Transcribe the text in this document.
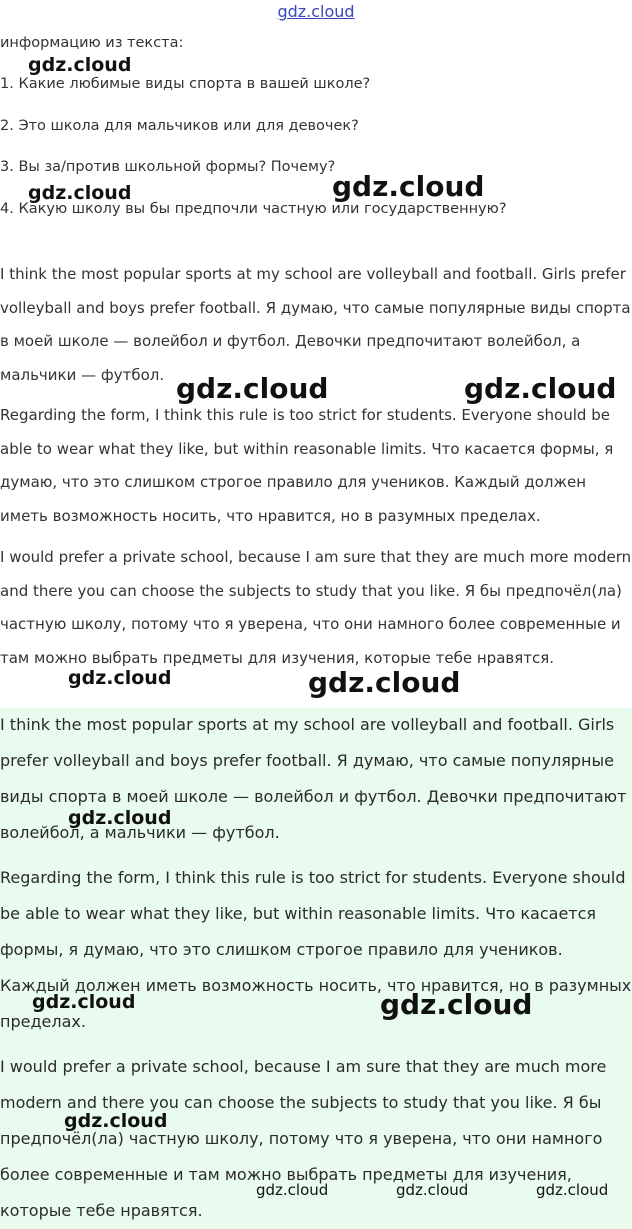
gdz.cloud
информацию из текста:
1. Какие любимые виды спорта в вашей школе?
2. Это школа для мальчиков или для девочек?
3. Вы за/против школьной формы? Почему?
4. Какую школу вы бы предпочли частную или государственную?

I think the most popular sports at my school are volleyball and football. Girls prefer volleyball and boys prefer football. Я думаю, что самые популярные виды спорта в моей школе — волейбол и футбол. Девочки предпочитают волейбол, а мальчики — футбол.

Regarding the form, I think this rule is too strict for students. Everyone should be able to wear what they like, but within reasonable limits. Что касается формы, я думаю, что это слишком строгое правило для учеников. Каждый должен иметь возможность носить, что нравится, но в разумных пределах.

I would prefer a private school, because I am sure that they are much more modern and there you can choose the subjects to study that you like. Я бы предпочёл(ла) частную школу, потому что я уверена, что они намного более современные и там можно выбрать предметы для изучения, которые тебе нравятся.

I think the most popular sports at my school are volleyball and football. Girls prefer volleyball and boys prefer football. Я думаю, что самые популярные виды спорта в моей школе — волейбол и футбол. Девочки предпочитают волейбол, а мальчики — футбол.

Regarding the form, I think this rule is too strict for students. Everyone should be able to wear what they like, but within reasonable limits. Что касается формы, я думаю, что это слишком строгое правило для учеников. Каждый должен иметь возможность носить, что нравится, но в разумных пределах.

I would prefer a private school, because I am sure that they are much more modern and there you can choose the subjects to study that you like. Я бы предпочёл(ла) частную школу, потому что я уверена, что они намного более современные и там можно выбрать предметы для изучения, которые тебе нравятся.

gdz.cloud
gdz.cloud	gdz.cloud
gdz.cloud	gdz.cloud
gdz.cloud	gdz.cloud
gdz.cloud
gdz.cloud	gdz.cloud
gdz.cloud
gdz.cloud	gdz.cloud	gdz.cloud
